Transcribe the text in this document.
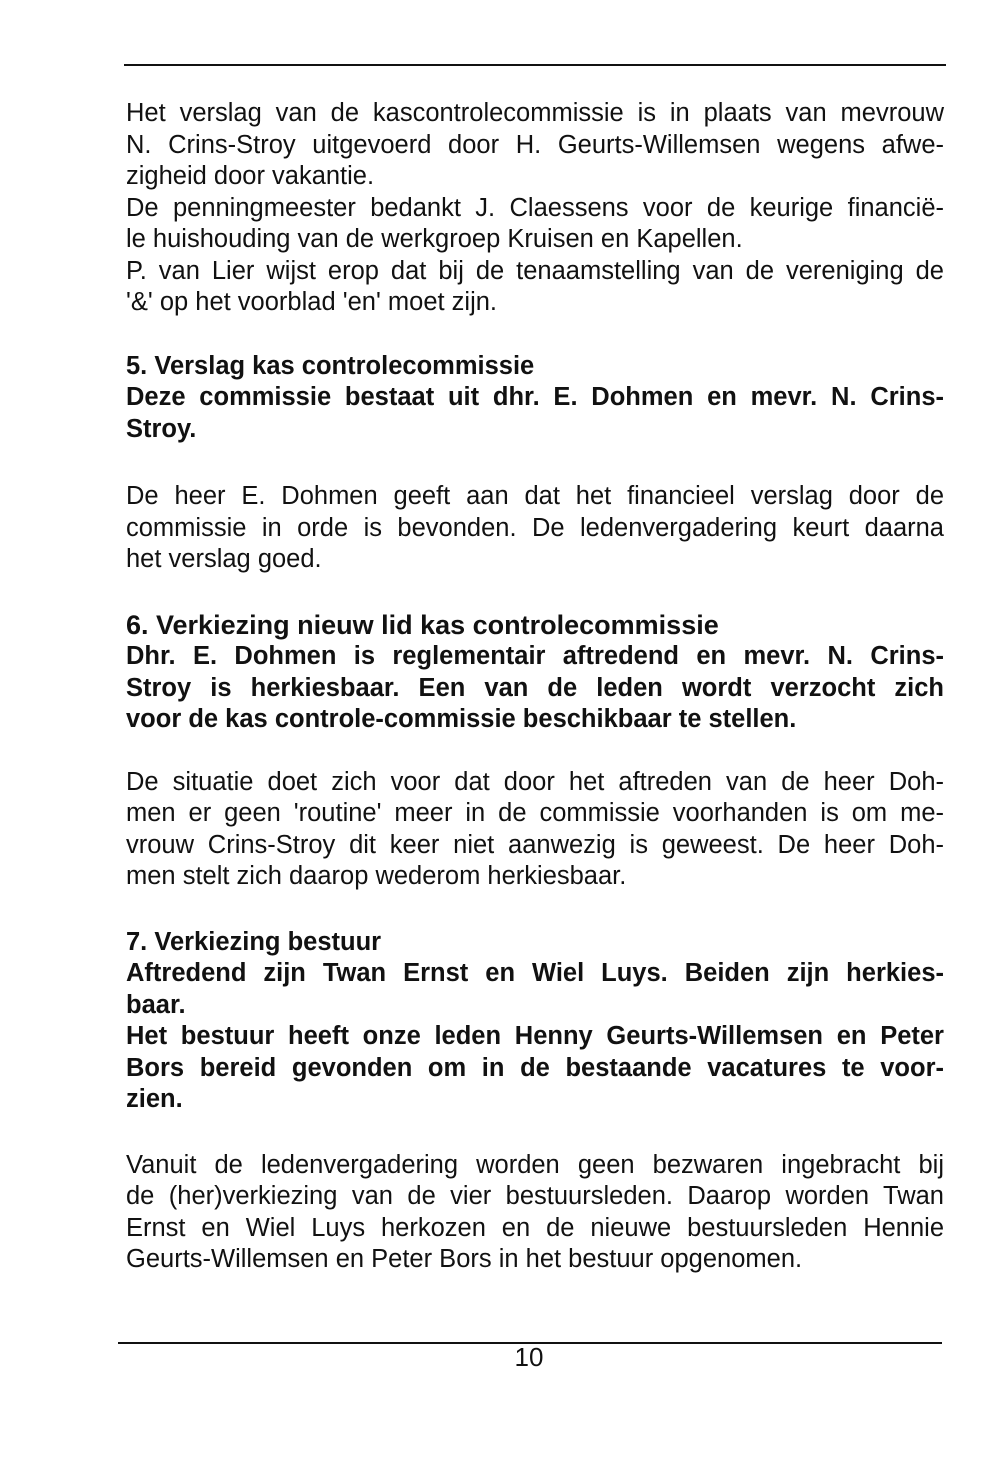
Het verslag van de kascontrolecommissie is in plaats van mevrouw
N. Crins-Stroy uitgevoerd door H. Geurts-Willemsen wegens afwe-
zigheid door vakantie.
De penningmeester bedankt J. Claessens voor de keurige financië-
le huishouding van de werkgroep Kruisen en Kapellen.
P. van Lier wijst erop dat bij de tenaamstelling van de vereniging de
'&' op het voorblad 'en' moet zijn.
5. Verslag kas controlecommissie
Deze commissie bestaat uit dhr. E. Dohmen en mevr. N. Crins-
Stroy.
De heer E. Dohmen geeft aan dat het financieel verslag door de
commissie in orde is bevonden. De ledenvergadering keurt daarna
het verslag goed.
6. Verkiezing nieuw lid kas controlecommissie
Dhr. E. Dohmen is reglementair aftredend en mevr. N. Crins-
Stroy is herkiesbaar. Een van de leden wordt verzocht zich
voor de kas controle-commissie beschikbaar te stellen.
De situatie doet zich voor dat door het aftreden van de heer Doh-
men er geen 'routine' meer in de commissie voorhanden is om me-
vrouw Crins-Stroy dit keer niet aanwezig is geweest. De heer Doh-
men stelt zich daarop wederom herkiesbaar.
7. Verkiezing bestuur
Aftredend zijn Twan Ernst en Wiel Luys. Beiden zijn herkies-
baar.
Het bestuur heeft onze leden Henny Geurts-Willemsen en Peter
Bors bereid gevonden om in de bestaande vacatures te voor-
zien.
Vanuit de ledenvergadering worden geen bezwaren ingebracht bij
de (her)verkiezing van de vier bestuursleden. Daarop worden Twan
Ernst en Wiel Luys herkozen en de nieuwe bestuursleden Hennie
Geurts-Willemsen en Peter Bors in het bestuur opgenomen.
10
